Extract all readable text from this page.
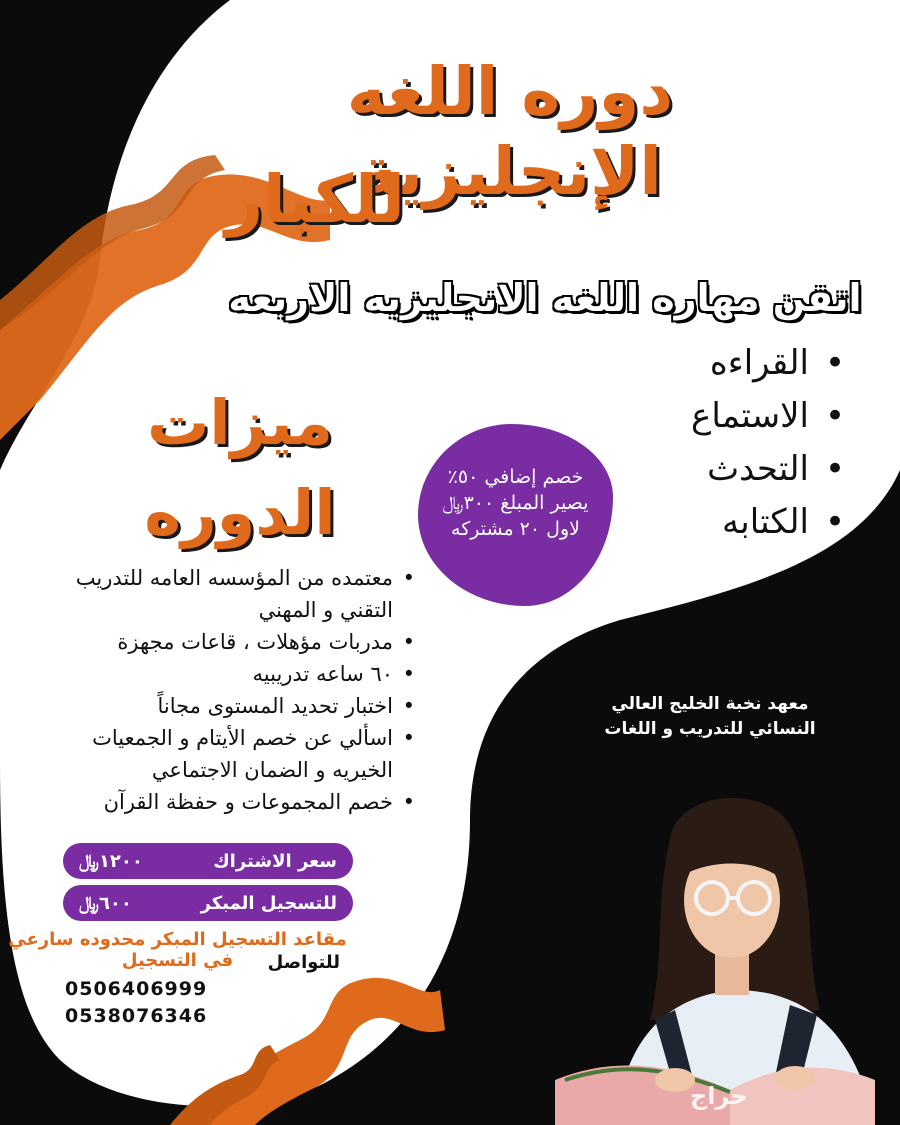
دوره اللغه الإنجليزية
للكبار
اتقن مهاره اللغه الانجليزيه الاربعه
• القراءه
• الاستماع
• التحدث
• الكتابه
ميزات
الدوره	خصم إضافي ٥٠٪
يصير المبلغ ٣٠٠﷼
لاول ٢٠ مشتركه
• معتمده من المؤسسه العامه للتدريب التقني و المهني
• مدربات مؤهلات ، قاعات مجهزة
• ٦٠ ساعه تدريبيه
• اختبار تحديد المستوى مجاناً
• اسألي عن خصم الأيتام و الجمعيات الخيريه و الضمان الاجتماعي
• خصم المجموعات و حفظة القرآن
معهد نخبة الخليج العالي
النسائي للتدريب و اللغات
سعر الاشتراك
١٢٠٠﷼
للتسجيل المبكر
٦٠٠﷼
مقاعد التسجيل المبكر محدوده سارعي في التسجيل	للتواصل
0506406999
0538076346
حراج
